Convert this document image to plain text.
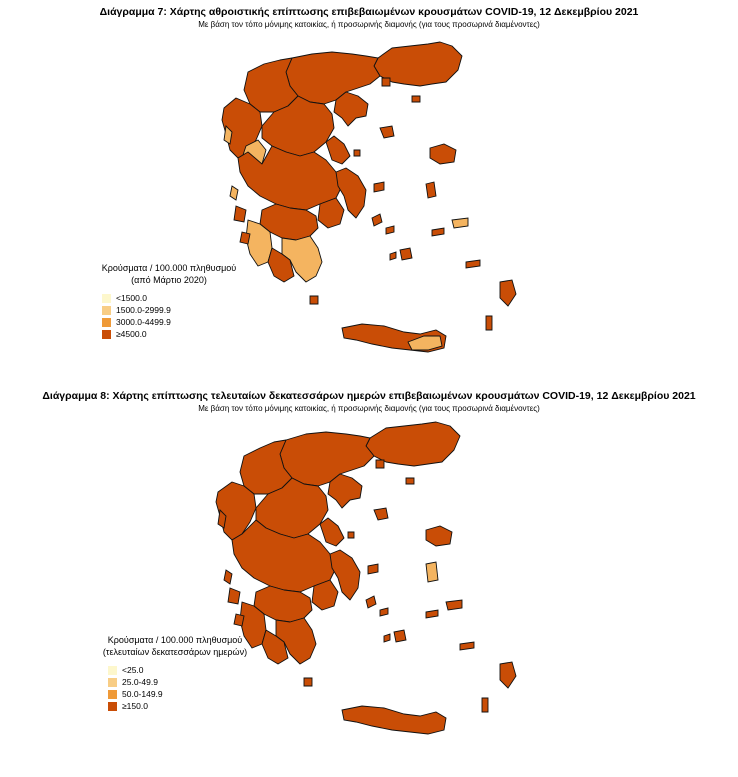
Διάγραμμα 7: Χάρτης αθροιστικής επίπτωσης επιβεβαιωμένων κρουσμάτων COVID-19, 12 Δεκεμβρίου 2021
Με βάση τον τόπο μόνιμης κατοικίας, ή προσωρινής διαμονής (για τους προσωρινά διαμένοντες)
Κρούσματα / 100.000 πληθυσμού
(από Μάρτιο 2020)
<1500.0
1500.0-2999.9
3000.0-4499.9
≥4500.0
Διάγραμμα 8: Χάρτης επίπτωσης τελευταίων δεκατεσσάρων ημερών επιβεβαιωμένων κρουσμάτων COVID-19, 12 Δεκεμβρίου 2021
Με βάση τον τόπο μόνιμης κατοικίας, ή προσωρινής διαμονής (για τους προσωρινά διαμένοντες)
Κρούσματα / 100.000 πληθυσμού
(τελευταίων δεκατεσσάρων ημερών)
<25.0
25.0-49.9
50.0-149.9
≥150.0
